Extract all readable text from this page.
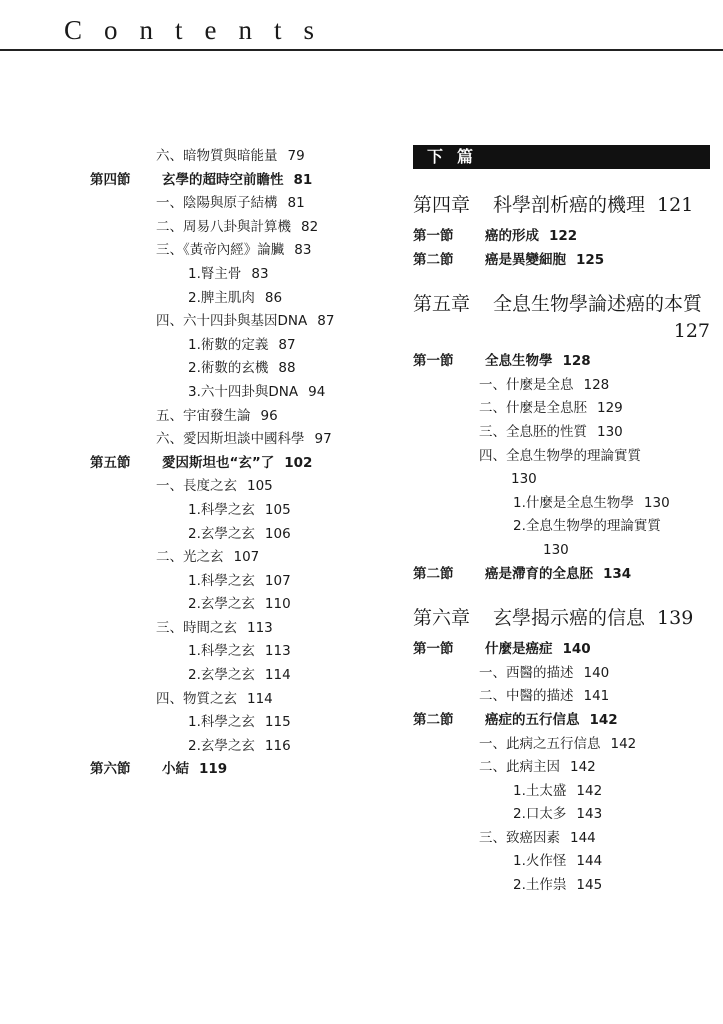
Contents
六、暗物質與暗能量 79
第四節 玄學的超時空前瞻性 81
一、陰陽與原子結構 81
二、周易八卦與計算機 82
三、《黃帝內經》論臟 83
1.腎主骨 83
2.脾主肌肉 86
四、六十四卦與基因DNA 87
1.術數的定義 87
2.術數的玄機 88
3.六十四卦與DNA 94
五、宇宙發生論 96
六、愛因斯坦談中國科學 97
第五節 愛因斯坦也“玄”了 102
一、長度之玄 105
1.科學之玄 105
2.玄學之玄 106
二、光之玄 107
1.科學之玄 107
2.玄學之玄 110
三、時間之玄 113
1.科學之玄 113
2.玄學之玄 114
四、物質之玄 114
1.科學之玄 115
2.玄學之玄 116
第六節 小結 119
下篇
第四章 科學剖析癌的機理 121
第一節 癌的形成 122
第二節 癌是異變細胞 125
第五章 全息生物學論述癌的本質
127
第一節 全息生物學 128
一、什麼是全息 128
二、什麼是全息胚 129
三、全息胚的性質 130
四、全息生物學的理論實質
130
1.什麼是全息生物學 130
2.全息生物學的理論實質
130
第二節 癌是滯育的全息胚 134
第六章 玄學揭示癌的信息 139
第一節 什麼是癌症 140
一、西醫的描述 140
二、中醫的描述 141
第二節 癌症的五行信息 142
一、此病之五行信息 142
二、此病主因 142
1.土太盛 142
2.口太多 143
三、致癌因素 144
1.火作怪 144
2.土作祟 145
